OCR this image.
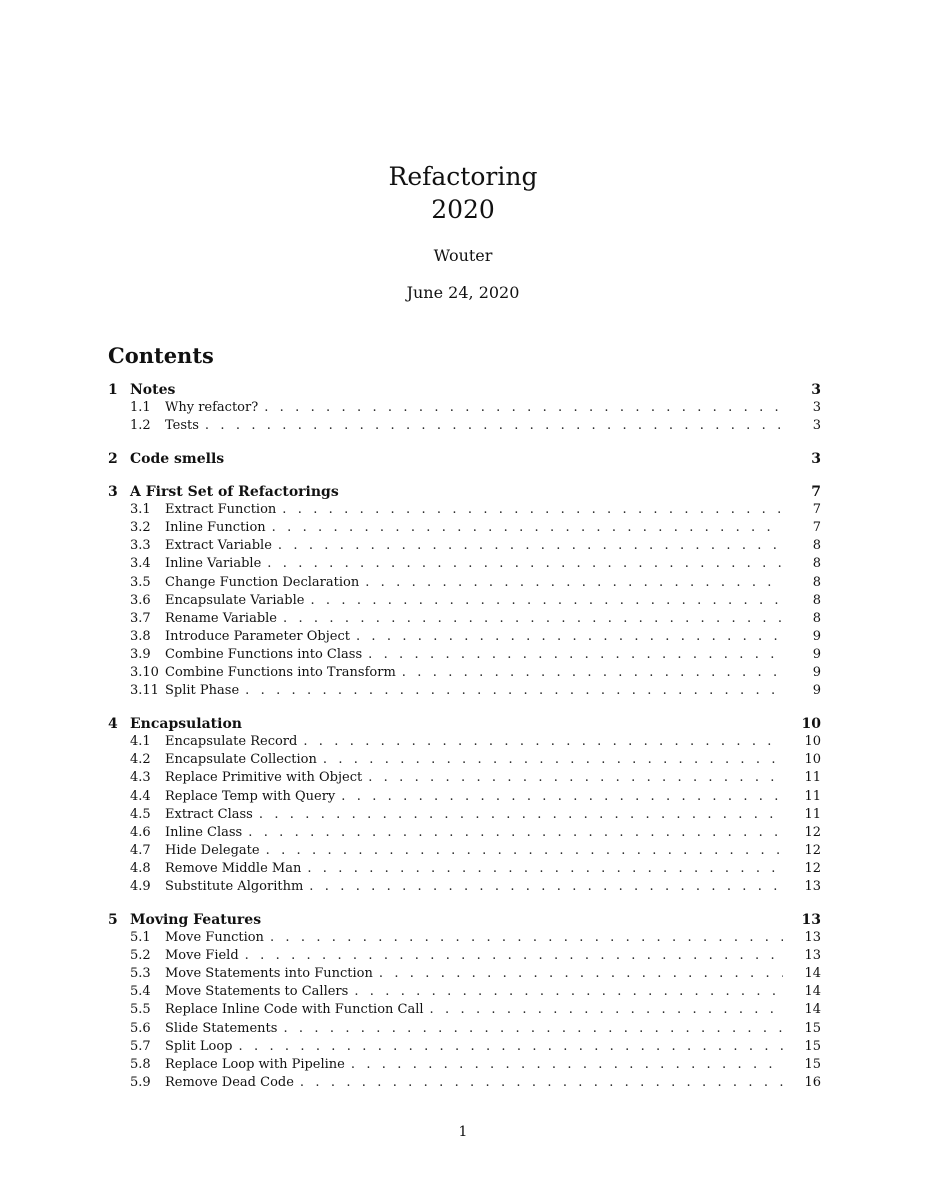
Refactoring
2020
Wouter
June 24, 2020
Contents
1 Notes	3
1.1	Why refactor? . . .	3
1.2	Tests . . .	3
2 Code smells	3
3 A First Set of Refactorings	7
3.1	Extract Function . . .	7
3.2	Inline Function . . .	7
3.3	Extract Variable . . .	8
3.4	Inline Variable . . .	8
3.5	Change Function Declaration . . .	8
3.6	Encapsulate Variable . . .	8
3.7	Rename Variable . . .	8
3.8	Introduce Parameter Object . . .	9
3.9	Combine Functions into Class . . .	9
3.10 Combine Functions into Transform . . .	9
3.11 Split Phase . . .	9
4 Encapsulation	10
4.1	Encapsulate Record . . .	10
4.2	Encapsulate Collection . . .	10
4.3	Replace Primitive with Object . . .	11
4.4	Replace Temp with Query . . .	11
4.5	Extract Class . . .	11
4.6	Inline Class . . .	12
4.7	Hide Delegate . . .	12
4.8	Remove Middle Man . . .	12
4.9	Substitute Algorithm . . .	13
5 Moving Features	13
5.1	Move Function . . .	13
5.2	Move Field . . .	13
5.3	Move Statements into Function . . .	14
5.4	Move Statements to Callers . . .	14
5.5	Replace Inline Code with Function Call . . .	14
5.6	Slide Statements . . .	15
5.7	Split Loop . . .	15
5.8	Replace Loop with Pipeline . . .	15
5.9	Remove Dead Code . . .	16
1
